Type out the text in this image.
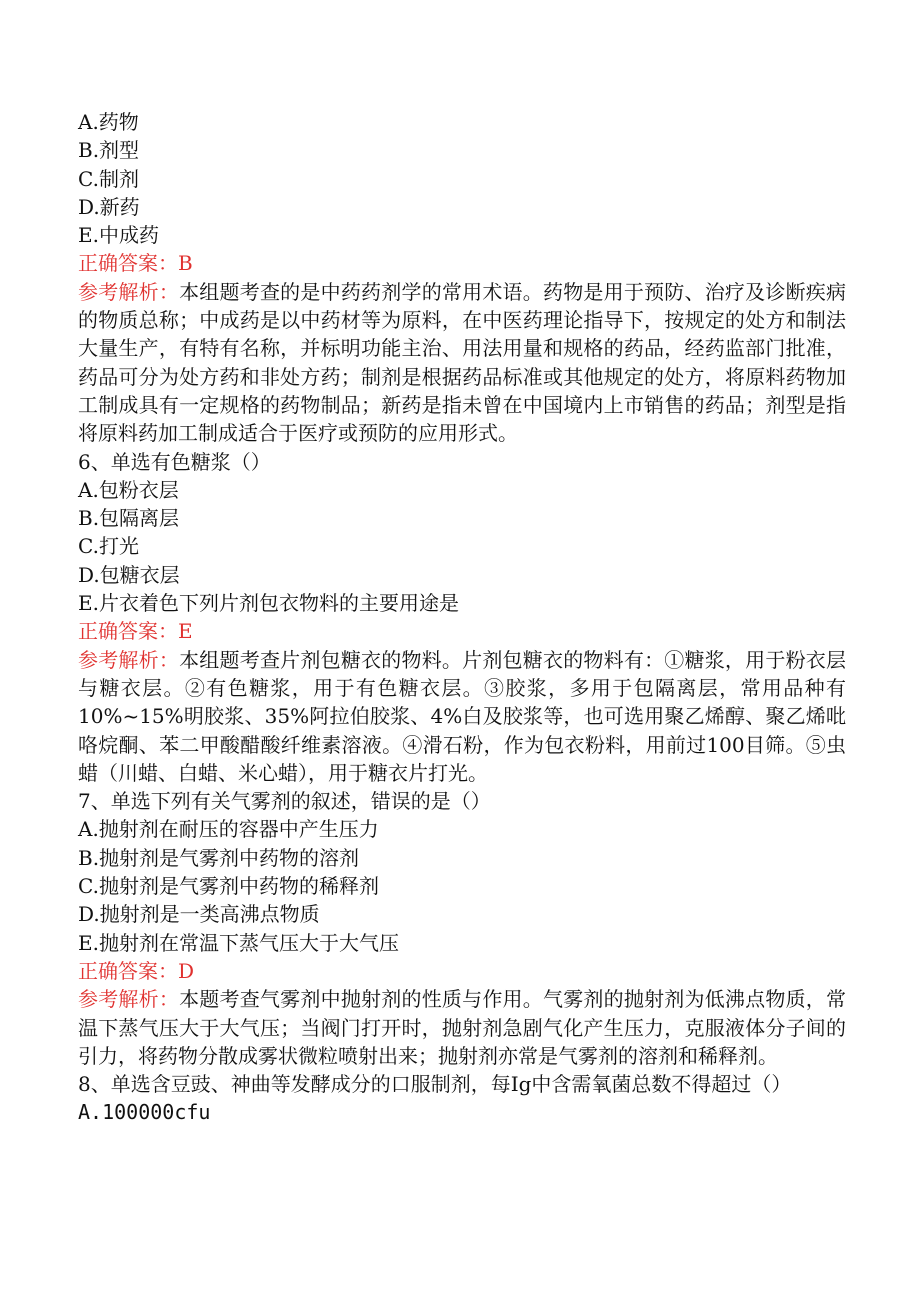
A.药物

B.剂型

C.制剂

D.新药

E.中成药

正确答案：B

参考解析：本组题考查的是中药药剂学的常用术语。药物是用于预防、治疗及诊断疾病的物质总称；中成药是以中药材等为原料，在中医药理论指导下，按规定的处方和制法大量生产，有特有名称，并标明功能主治、用法用量和规格的药品，经药监部门批准，药品可分为处方药和非处方药；制剂是根据药品标准或其他规定的处方，将原料药物加工制成具有一定规格的药物制品；新药是指未曾在中国境内上市销售的药品；剂型是指将原料药加工制成适合于医疗或预防的应用形式。

6、单选有色糖浆（）

A.包粉衣层

B.包隔离层

C.打光

D.包糖衣层

E.片衣着色下列片剂包衣物料的主要用途是

正确答案：E

参考解析：本组题考查片剂包糖衣的物料。片剂包糖衣的物料有：①糖浆，用于粉衣层与糖衣层。②有色糖浆，用于有色糖衣层。③胶浆，多用于包隔离层，常用品种有10%~15%明胶浆、35%阿拉伯胶浆、4%白及胶浆等，也可选用聚乙烯醇、聚乙烯吡咯烷酮、苯二甲酸醋酸纤维素溶液。④滑石粉，作为包衣粉料，用前过100目筛。⑤虫蜡（川蜡、白蜡、米心蜡），用于糖衣片打光。

7、单选下列有关气雾剂的叙述，错误的是（）

A.抛射剂在耐压的容器中产生压力

B.抛射剂是气雾剂中药物的溶剂

C.抛射剂是气雾剂中药物的稀释剂

D.抛射剂是一类高沸点物质

E.抛射剂在常温下蒸气压大于大气压

正确答案：D

参考解析：本题考查气雾剂中抛射剂的性质与作用。气雾剂的抛射剂为低沸点物质，常温下蒸气压大于大气压；当阀门打开时，抛射剂急剧气化产生压力，克服液体分子间的引力，将药物分散成雾状微粒喷射出来；抛射剂亦常是气雾剂的溶剂和稀释剂。

8、单选含豆豉、神曲等发酵成分的口服制剂，每Ig中含需氧菌总数不得超过（）

A.100000cfu
